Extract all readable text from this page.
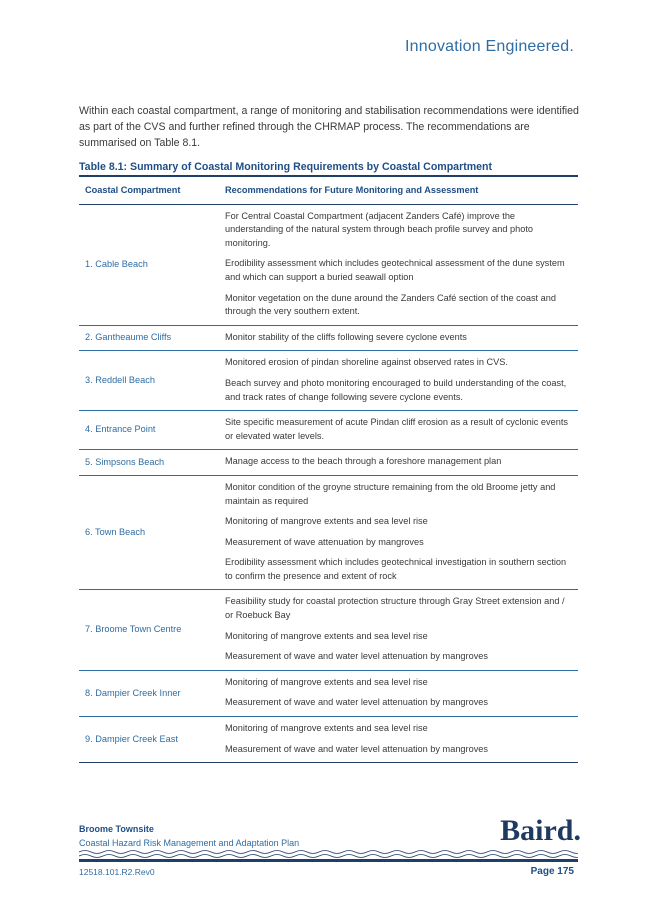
Innovation Engineered.

Within each coastal compartment, a range of monitoring and stabilisation recommendations were identified as part of the CVS and further refined through the CHRMAP process. The recommendations are summarised on Table 8.1.

Table 8.1: Summary of Coastal Monitoring Requirements by Coastal Compartment

Coastal Compartment	Recommendations for Future Monitoring and Assessment
1. Cable Beach	For Central Coastal Compartment (adjacent Zanders Café) improve the understanding of the natural system through beach profile survey and photo monitoring.

Erodibility assessment which includes geotechnical assessment of the dune system and which can support a buried seawall option

Monitor vegetation on the dune around the Zanders Café section of the coast and through the very southern extent.

2. Gantheaume Cliffs	Monitor stability of the cliffs following severe cyclone events

3. Reddell Beach	Monitored erosion of pindan shoreline against observed rates in CVS.

Beach survey and photo monitoring encouraged to build understanding of the coast, and track rates of change following severe cyclone events.

4. Entrance Point	Site specific measurement of acute Pindan cliff erosion as a result of cyclonic events or elevated water levels.

5. Simpsons Beach	Manage access to the beach through a foreshore management plan

6. Town Beach	Monitor condition of the groyne structure remaining from the old Broome jetty and maintain as required

Monitoring of mangrove extents and sea level rise

Measurement of wave attenuation by mangroves

Erodibility assessment which includes geotechnical investigation in southern section to confirm the presence and extent of rock

7. Broome Town Centre	Feasibility study for coastal protection structure through Gray Street extension and / or Roebuck Bay

Monitoring of mangrove extents and sea level rise

Measurement of wave and water level attenuation by mangroves

8. Dampier Creek Inner	Monitoring of mangrove extents and sea level rise

Measurement of wave and water level attenuation by mangroves

9. Dampier Creek East	Monitoring of mangrove extents and sea level rise

Measurement of wave and water level attenuation by mangroves

Broome Townsite
Coastal Hazard Risk Management and Adaptation Plan	Baird.
12518.101.R2.Rev0	Page 175
